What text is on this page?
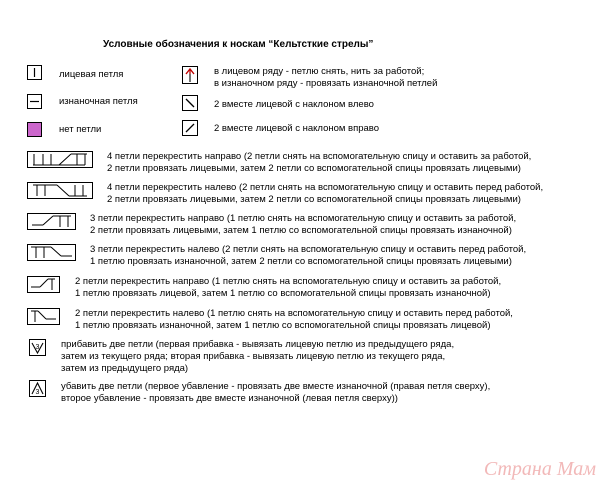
Условные обозначения к носкам “Кельтсткие стрелы”
лицевая петля
изнаночная петля
нет петли
в лицевом ряду - петлю снять, нить за работой;
в изнаночном ряду - провязать изнаночной петлей
2 вместе лицевой с наклоном влево
2 вместе лицевой с наклоном вправо
4 петли перекрестить направо (2 петли снять на вспомогательную спицу и оставить за работой,
2 петли провязать лицевыми, затем 2 петли со вспомогательной спицы провязать лицевыми)
4 петли перекрестить налево (2 петли снять на вспомогательную спицу и оставить перед работой,
2 петли провязать лицевыми, затем 2 петли со вспомогательной спицы провязать лицевыми)
3 петли перекрестить направо (1 петлю снять на вспомогательную спицу и оставить за работой,
2 петли провязать лицевыми, затем 1 петлю со вспомогательной спицы провязать изнаночной)
3 петли перекрестить налево (2 петли снять на вспомогательную спицу и оставить перед работой,
1 петлю провязать изнаночной, затем 2 петли со вспомогательной спицы провязать лицевыми)
2 петли перекрестить направо (1 петлю снять на вспомогательную спицу и оставить за работой,
1 петлю провязать лицевой, затем 1 петлю со вспомогательной спицы провязать изнаночной)
2 петли перекрестить налево (1 петлю снять на вспомогательную спицу и оставить перед работой,
1 петлю провязать изнаночной, затем 1 петлю со вспомогательной спицы провязать лицевой)
3 прибавить две петли (первая прибавка - вывязать лицевую петлю из предыдущего ряда,
затем из текущего ряда; вторая прибавка - вывязать лицевую петлю из текущего ряда,
затем из предыдущего ряда)
3
убавить две петли (первое убавление - провязать две вместе изнаночной (правая петля сверху),
второе убавление - провязать две вместе изнаночной (левая петля сверху))
Страна Мам
